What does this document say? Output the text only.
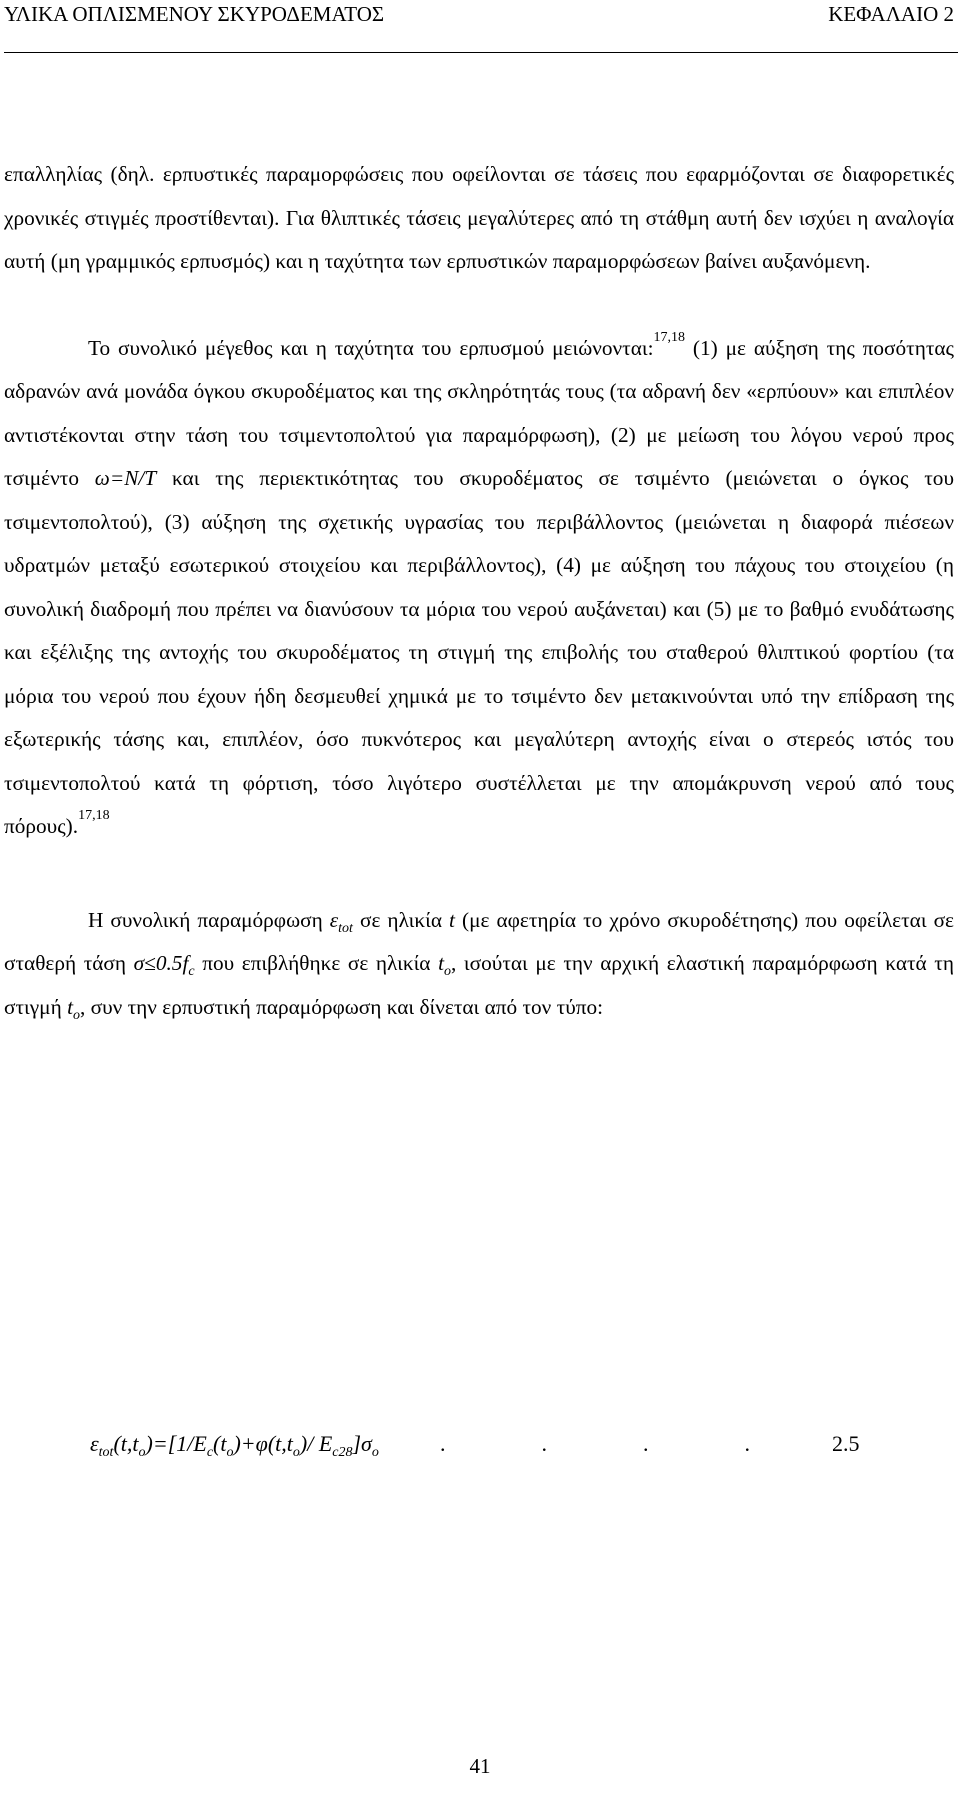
ΥΛΙΚΑ ΟΠΛΙΣΜΕΝΟΥ ΣΚΥΡΟΔΕΜΑΤΟΣ	ΚΕΦΑΛΑΙΟ 2

επαλληλίας (δηλ. ερπυστικές παραμορφώσεις που οφείλονται σε τάσεις που εφαρμόζονται σε διαφορετικές χρονικές στιγμές προστίθενται). Για θλιπτικές τάσεις μεγαλύτερες από τη στάθμη αυτή δεν ισχύει η αναλογία αυτή (μη γραμμικός ερπυσμός) και η ταχύτητα των ερπυστικών παραμορφώσεων βαίνει αυξανόμενη.

Το συνολικό μέγεθος και η ταχύτητα του ερπυσμού μειώνονται:$^{17,18}$ (1) με αύξηση της ποσότητας αδρανών ανά μονάδα όγκου σκυροδέματος και της σκληρότητάς τους (τα αδρανή δεν «ερπύουν» και επιπλέον αντιστέκονται στην τάση του τσιμεντοπολτού για παραμόρφωση), (2) με μείωση του λόγου νερού προς τσιμέντο ω=Ν/Τ και της περιεκτικότητας του σκυροδέματος σε τσιμέντο (μειώνεται ο όγκος του τσιμεντοπολτού), (3) αύξηση της σχετικής υγρασίας του περιβάλλοντος (μειώνεται η διαφορά πιέσεων υδρατμών μεταξύ εσωτερικού στοιχείου και περιβάλλοντος), (4) με αύξηση του πάχους του στοιχείου (η συνολική διαδρομή που πρέπει να διανύσουν τα μόρια του νερού αυξάνεται) και (5) με το βαθμό ενυδάτωσης και εξέλιξης της αντοχής του σκυροδέματος τη στιγμή της επιβολής του σταθερού θλιπτικού φορτίου (τα μόρια του νερού που έχουν ήδη δεσμευθεί χημικά με το τσιμέντο δεν μετακινούνται υπό την επίδραση της εξωτερικής τάσης και, επιπλέον, όσο πυκνότερος και μεγαλύτερη αντοχής είναι ο στερεός ιστός του τσιμεντοπολτού κατά τη φόρτιση, τόσο λιγότερο συστέλλεται με την απομάκρυνση νερού από τους πόρους).$^{17,18}$

Η συνολική παραμόρφωση $\varepsilon_{tot}$ σε ηλικία t (με αφετηρία το χρόνο σκυροδέτησης) που οφείλεται σε σταθερή τάση $\sigma\le 0.5f_c$ που επιβλήθηκε σε ηλικία $t_o$, ισούται με την αρχική ελαστική παραμόρφωση κατά τη στιγμή $t_o$, συν την ερπυστική παραμόρφωση και δίνεται από τον τύπο:

$\varepsilon_{tot}(t,t_o)=[1/E_c(t_o)+\varphi(t,t_o)/$ $E_{c28}]\sigma_o$	.	.	.	.	2.5
41
